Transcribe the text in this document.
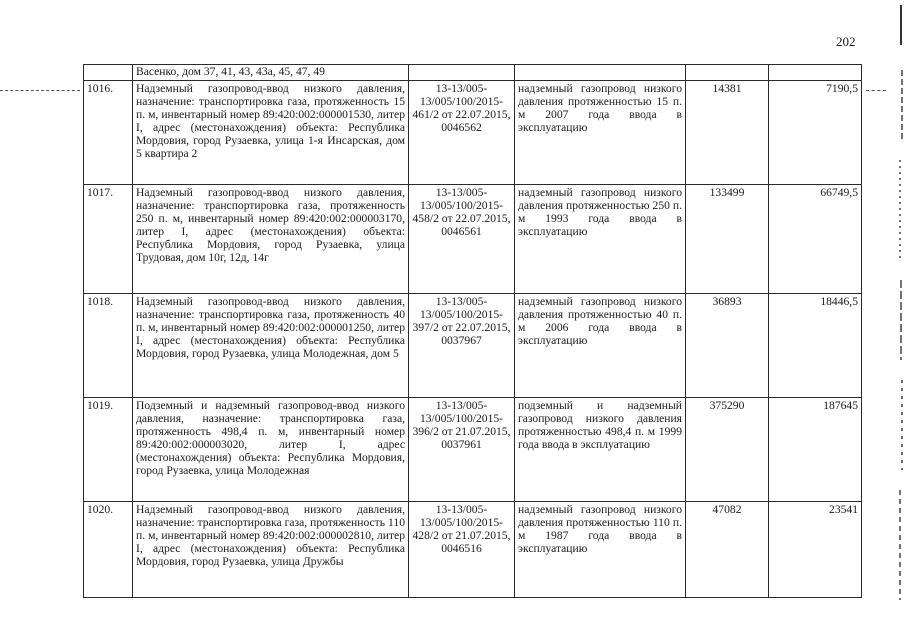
202
	Васенко, дом 37, 41, 43, 43а, 45, 47, 49				
1016.	Надземный газопровод-ввод низкого давления, назначение: транспортировка газа, протяженность 15 п. м, инвентарный номер 89:420:002:000001530, литер I, адрес (местонахождения) объекта: Республика Мордовия, город Рузаевка, улица 1-я Инсарская, дом 5 квартира 2	13-13/005-13/005/100/2015-461/2 от 22.07.2015, 0046562	надземный газопровод низкого давления протяженностью 15 п. м 2007 года ввода в эксплуатацию	14381	7190,5
1017.	Надземный газопровод-ввод низкого давления, назначение: транспортировка газа, протяженность 250 п. м, инвентарный номер 89:420:002:000003170, литер I, адрес (местонахождения) объекта: Республика Мордовия, город Рузаевка, улица Трудовая, дом 10г, 12д, 14г	13-13/005-13/005/100/2015-458/2 от 22.07.2015, 0046561	надземный газопровод низкого давления протяженностью 250 п. м 1993 года ввода в эксплуатацию	133499	66749,5
1018.	Надземный газопровод-ввод низкого давления, назначение: транспортировка газа, протяженность 40 п. м, инвентарный номер 89:420:002:000001250, литер I, адрес (местонахождения) объекта: Республика Мордовия, город Рузаевка, улица Молодежная, дом 5	13-13/005-13/005/100/2015-397/2 от 22.07.2015, 0037967	надземный газопровод низкого давления протяженностью 40 п. м 2006 года ввода в эксплуатацию	36893	18446,5
1019.	Подземный и надземный газопровод-ввод низкого давления, назначение: транспортировка газа, протяженность 498,4 п. м, инвентарный номер 89:420:002:000003020, литер I, адрес (местонахождения) объекта: Республика Мордовия, город Рузаевка, улица Молодежная	13-13/005-13/005/100/2015-396/2 от 21.07.2015, 0037961	подземный и надземный газопровод низкого давления протяженностью 498,4 п. м 1999 года ввода в эксплуатацию	375290	187645
1020.	Надземный газопровод-ввод низкого давления, назначение: транспортировка газа, протяженность 110 п. м, инвентарный номер 89:420:002:000002810, литер I, адрес (местонахождения) объекта: Республика Мордовия, город Рузаевка, улица Дружбы	13-13/005-13/005/100/2015-428/2 от 21.07.2015, 0046516	надземный газопровод низкого давления протяженностью 110 п. м 1987 года ввода в эксплуатацию	47082	23541
